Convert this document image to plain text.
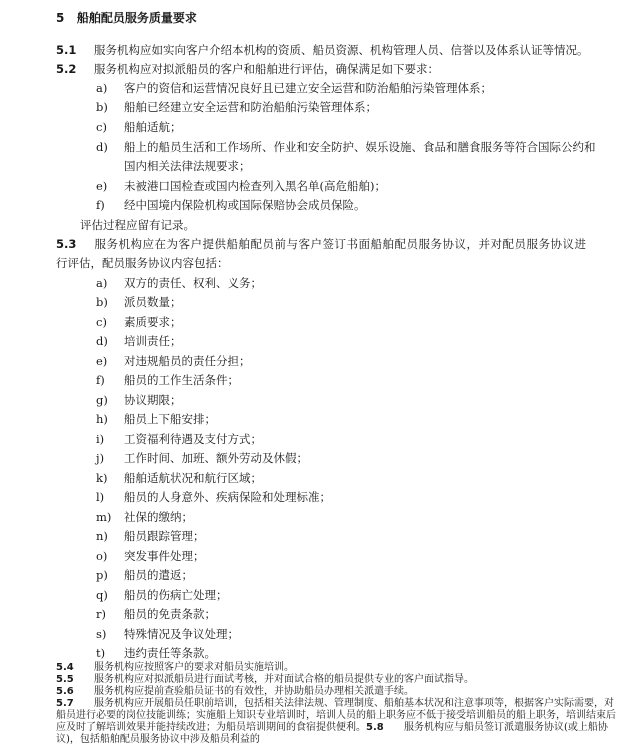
5 船舶配员服务质量要求
5.1 服务机构应如实向客户介绍本机构的资质、船员资源、机构管理人员、信誉以及体系认证等情况。
5.2 服务机构应对拟派船员的客户和船舶进行评估，确保满足如下要求：
a) 客户的资信和运营情况良好且已建立安全运营和防治船舶污染管理体系；
b) 船舶已经建立安全运营和防治船舶污染管理体系；
c) 船舶适航；
d) 船上的船员生活和工作场所、作业和安全防护、娱乐设施、食品和膳食服务等符合国际公约和
国内相关法律法规要求；
e) 未被港口国检查或国内检查列入黑名单(高危船舶)；
f) 经中国境内保险机构或国际保赔协会成员保险。
评估过程应留有记录。
5.3 服务机构应在为客户提供船舶配员前与客户签订书面船舶配员服务协议，并对配员服务协议进
行评估，配员服务协议内容包括：
a) 双方的责任、权利、义务；
b) 派员数量；
c) 素质要求；
d) 培训责任；
e) 对违规船员的责任分担；
f) 船员的工作生活条件；
g) 协议期限；
h) 船员上下船安排；
i) 工资福利待遇及支付方式；
j) 工作时间、加班、额外劳动及休假；
k) 船舶适航状况和航行区域；
l) 船员的人身意外、疾病保险和处理标准；
m) 社保的缴纳；
n) 船员跟踪管理；
o) 突发事件处理；
p) 船员的遣返；
q) 船员的伤病亡处理；
r) 船员的免责条款；
s) 特殊情况及争议处理；
t) 违约责任等条款。
5.4 服务机构应按照客户的要求对船员实施培训。
5.5 服务机构应对拟派船员进行面试考核，并对面试合格的船员提供专业的客户面试指导。
5.6 服务机构应提前查验船员证书的有效性，并协助船员办理相关派遣手续。
5.7 服务机构应开展船员任职前培训，包括相关法律法规、管理制度、船舶基本状况和注意事项等，根据客户实际需要，对船员进行必要的岗位技能训练；实施船上知识专业培训时，培训人员的船上职务应不低于接受培训船员的船上职务，培训结束后应及时了解培训效果并能持续改进；为船员培训期间的食宿提供便利。5.8 服务机构应与船员签订派遣服务协议(或上船协议)，包括船舶配员服务协议中涉及船员利益的
